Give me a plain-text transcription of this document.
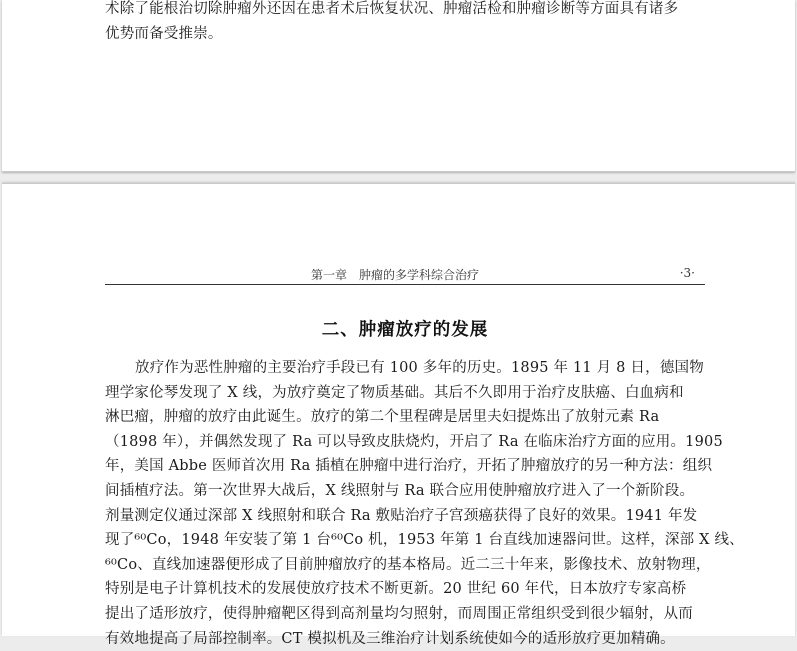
术除了能根治切除肿瘤外还因在患者术后恢复状况、肿瘤活检和肿瘤诊断等方面具有诸多
优势而备受推崇。
第一章　肿瘤的多学科综合治疗	·3·
二、肿瘤放疗的发展
放疗作为恶性肿瘤的主要治疗手段已有 100 多年的历史。1895 年 11 月 8 日，德国物
理学家伦琴发现了 X 线，为放疗奠定了物质基础。其后不久即用于治疗皮肤癌、白血病和
淋巴瘤，肿瘤的放疗由此诞生。放疗的第二个里程碑是居里夫妇提炼出了放射元素 Ra
（1898 年），并偶然发现了 Ra 可以导致皮肤烧灼，开启了 Ra 在临床治疗方面的应用。1905
年，美国 Abbe 医师首次用 Ra 插植在肿瘤中进行治疗，开拓了肿瘤放疗的另一种方法：组织
间插植疗法。第一次世界大战后，X 线照射与 Ra 联合应用使肿瘤放疗进入了一个新阶段。
剂量测定仪通过深部 X 线照射和联合 Ra 敷贴治疗子宫颈癌获得了良好的效果。1941 年发
现了⁶⁰Co，1948 年安装了第 1 台⁶⁰Co 机，1953 年第 1 台直线加速器问世。这样，深部 X 线、
⁶⁰Co、直线加速器便形成了目前肿瘤放疗的基本格局。近二三十年来，影像技术、放射物理，
特别是电子计算机技术的发展使放疗技术不断更新。20 世纪 60 年代，日本放疗专家高桥
提出了适形放疗，使得肿瘤靶区得到高剂量均匀照射，而周围正常组织受到很少辐射，从而
有效地提高了局部控制率。CT 模拟机及三维治疗计划系统使如今的适形放疗更加精确。
